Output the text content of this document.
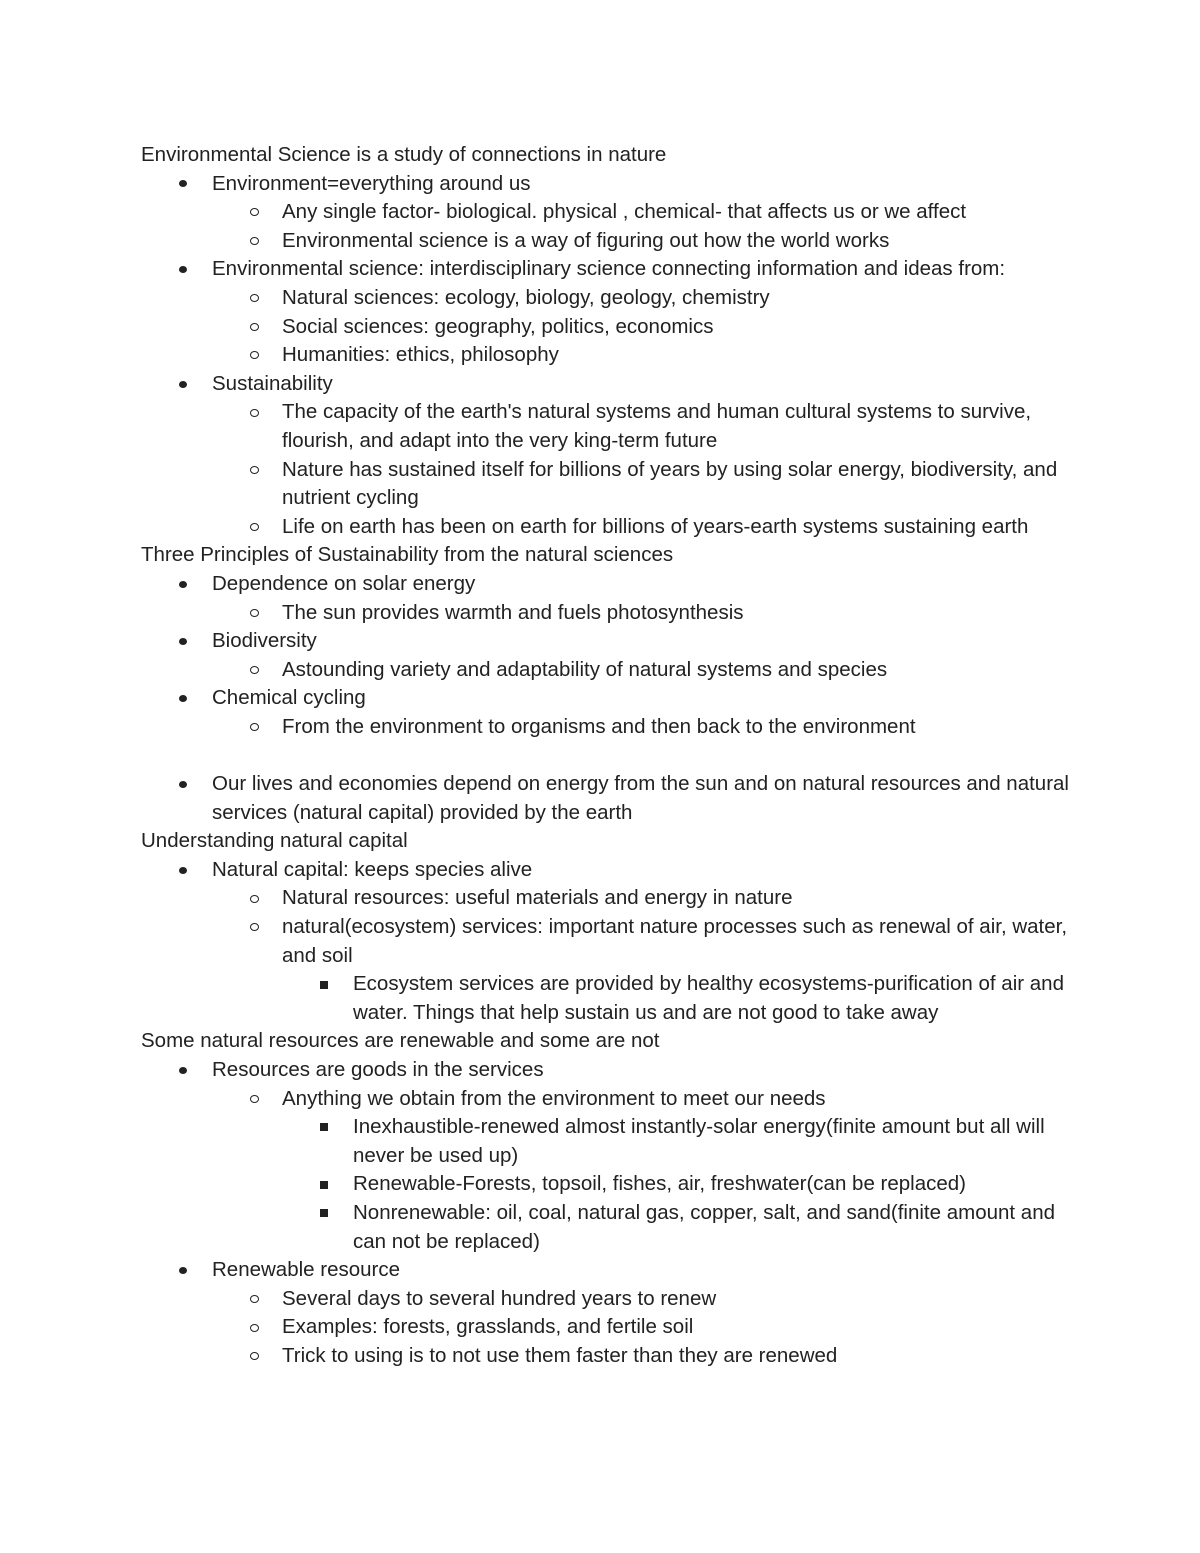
Environmental Science is a study of connections in nature
Environment=everything around us
Any single factor- biological. physical , chemical- that affects us or we affect
Environmental science is a way of figuring out how the world works
Environmental science: interdisciplinary science connecting information and ideas from:
Natural sciences: ecology, biology, geology, chemistry
Social sciences: geography, politics, economics
Humanities: ethics, philosophy
Sustainability
The capacity of the earth's natural systems and human cultural systems to survive, flourish, and adapt into the very king-term future
Nature has sustained itself for billions of years by using solar energy, biodiversity, and nutrient cycling
Life on earth has been on earth for billions of years-earth systems sustaining earth
Three Principles of Sustainability from the natural sciences
Dependence on solar energy
The sun provides warmth and fuels photosynthesis
Biodiversity
Astounding variety and adaptability of natural systems and species
Chemical cycling
From the environment to organisms and then back to the environment
Our lives and economies depend on energy from the sun and on natural resources and natural services (natural capital) provided by the earth
Understanding natural capital
Natural capital: keeps species alive
Natural resources: useful materials and energy in nature
natural(ecosystem) services: important nature processes such as renewal of air, water, and soil
Ecosystem services are provided by healthy ecosystems-purification of air and water. Things that help sustain us and are not good to take away
Some natural resources are renewable and some are not
Resources are goods in the services
Anything we obtain from the environment to meet our needs
Inexhaustible-renewed almost instantly-solar energy(finite amount but all will never be used up)
Renewable-Forests, topsoil, fishes, air, freshwater(can be replaced)
Nonrenewable: oil, coal, natural gas, copper, salt, and sand(finite amount and can not be replaced)
Renewable resource
Several days to several hundred years to renew
Examples: forests, grasslands, and fertile soil
Trick to using is to not use them faster than they are renewed
